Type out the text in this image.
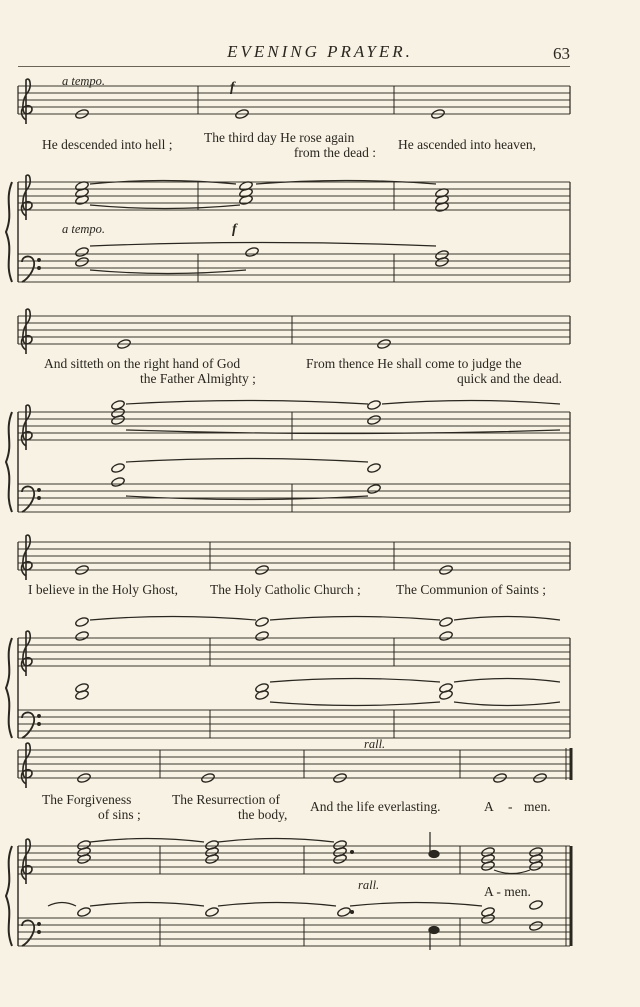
EVENING PRAYER.	63
a tempo.	f
He descended into hell ; The third day He rose again
from the dead :
He ascended into heaven,
a tempo.	f
And sitteth on the right hand of God
the Father Almighty ;
From thence He shall come to judge the
quick and the dead.
I believe in the Holy Ghost, The Holy Catholic Church ;	The Communion of Saints ;
rall.
The Forgiveness
of sins ;
The Resurrection of
the body,
And the life everlasting.	A - men.
rall.	A - men.
